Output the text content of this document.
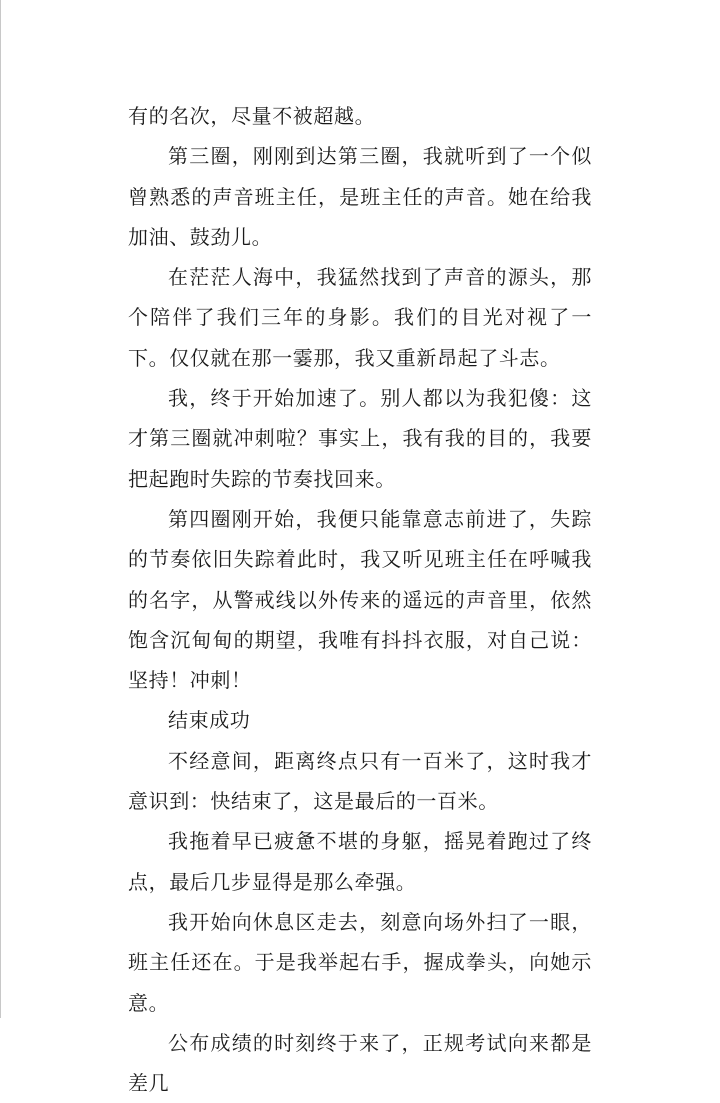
有的名次，尽量不被超越。

第三圈，刚刚到达第三圈，我就听到了一个似曾熟悉的声音班主任，是班主任的声音。她在给我加油、鼓劲儿。

在茫茫人海中，我猛然找到了声音的源头，那个陪伴了我们三年的身影。我们的目光对视了一下。仅仅就在那一霎那，我又重新昂起了斗志。

我，终于开始加速了。别人都以为我犯傻：这才第三圈就冲刺啦？事实上，我有我的目的，我要把起跑时失踪的节奏找回来。

第四圈刚开始，我便只能靠意志前进了，失踪的节奏依旧失踪着此时，我又听见班主任在呼喊我的名字，从警戒线以外传来的遥远的声音里，依然饱含沉甸甸的期望，我唯有抖抖衣服，对自己说：坚持！冲刺！

结束成功

不经意间，距离终点只有一百米了，这时我才意识到：快结束了，这是最后的一百米。

我拖着早已疲惫不堪的身躯，摇晃着跑过了终点，最后几步显得是那么牵强。

我开始向休息区走去，刻意向场外扫了一眼，班主任还在。于是我举起右手，握成拳头，向她示意。

公布成绩的时刻终于来了，正规考试向来都是差几
